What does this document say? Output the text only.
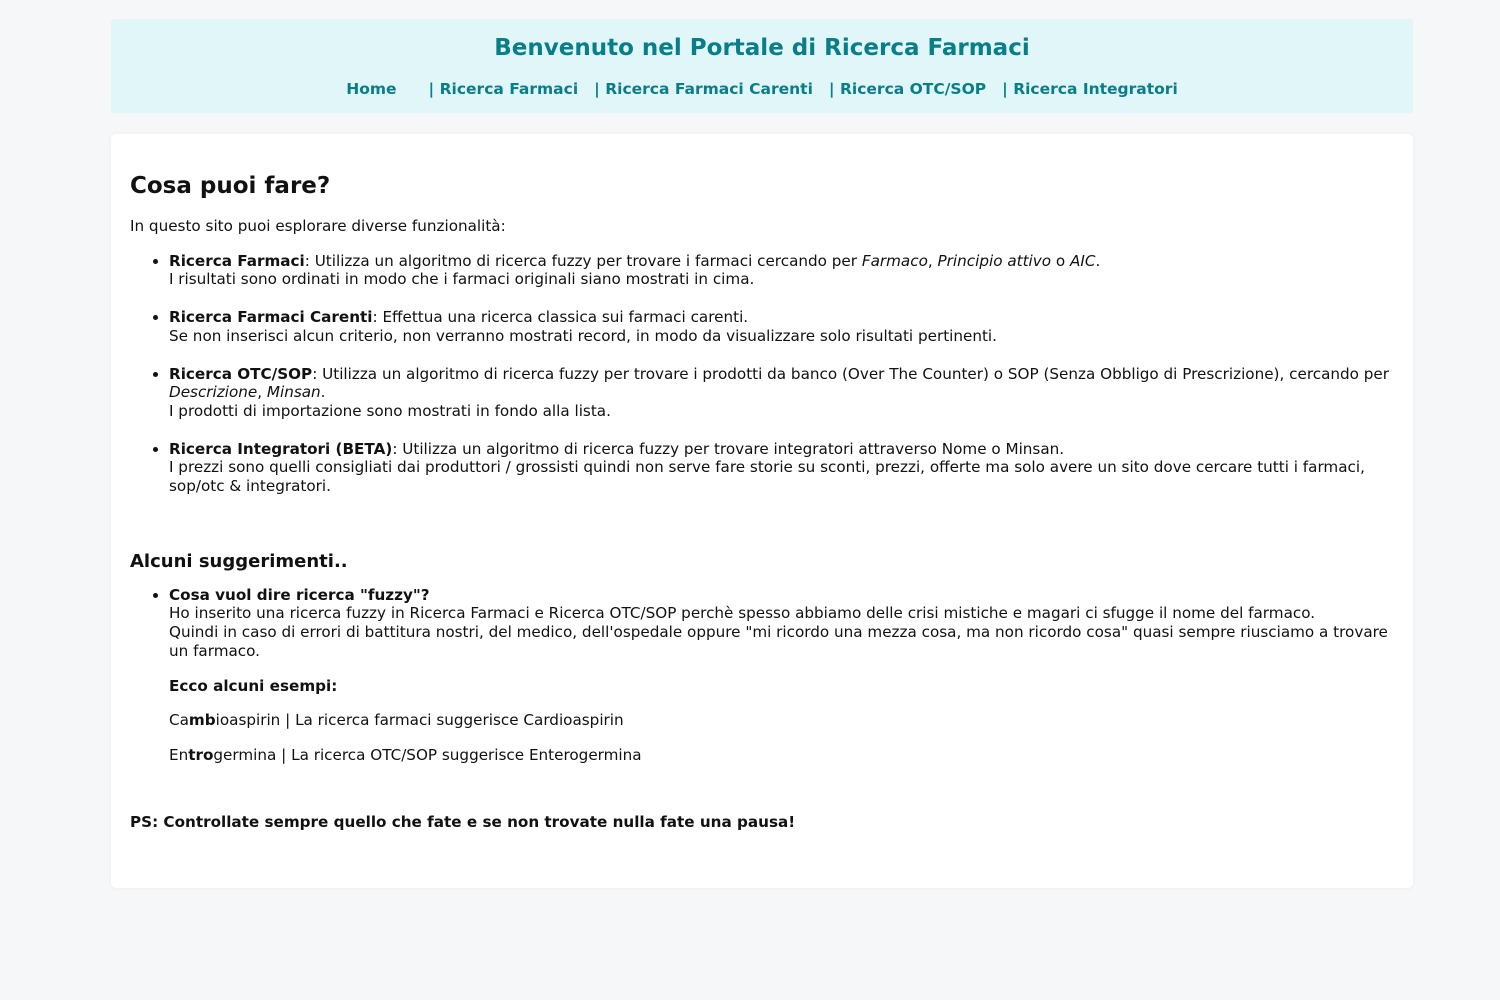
Benvenuto nel Portale di Ricerca Farmaci
Home | Ricerca Farmaci | Ricerca Farmaci Carenti | Ricerca OTC/SOP | Ricerca Integratori
Cosa puoi fare?

In questo sito puoi esplorare diverse funzionalità:

• Ricerca Farmaci: Utilizza un algoritmo di ricerca fuzzy per trovare i farmaci cercando per Farmaco, Principio attivo o AIC.
I risultati sono ordinati in modo che i farmaci originali siano mostrati in cima.
• Ricerca Farmaci Carenti: Effettua una ricerca classica sui farmaci carenti.
Se non inserisci alcun criterio, non verranno mostrati record, in modo da visualizzare solo risultati pertinenti.
• Ricerca OTC/SOP: Utilizza un algoritmo di ricerca fuzzy per trovare i prodotti da banco (Over The Counter) o SOP (Senza Obbligo di Prescrizione), cercando per Descrizione, Minsan.
I prodotti di importazione sono mostrati in fondo alla lista.
• Ricerca Integratori (BETA): Utilizza un algoritmo di ricerca fuzzy per trovare integratori attraverso Nome o Minsan.
I prezzi sono quelli consigliati dai produttori / grossisti quindi non serve fare storie su sconti, prezzi, offerte ma solo avere un sito dove cercare tutti i farmaci, sop/otc & integratori.
Alcuni suggerimenti..
• Cosa vuol dire ricerca "fuzzy"?
Ho inserito una ricerca fuzzy in Ricerca Farmaci e Ricerca OTC/SOP perchè spesso abbiamo delle crisi mistiche e magari ci sfugge il nome del farmaco.
Quindi in caso di errori di battitura nostri, del medico, dell'ospedale oppure "mi ricordo una mezza cosa, ma non ricordo cosa" quasi sempre riusciamo a trovare un farmaco.
Ecco alcuni esempi:
Cambioaspirin | La ricerca farmaci suggerisce Cardioaspirin
Entrogermina | La ricerca OTC/SOP suggerisce Enterogermina

PS: Controllate sempre quello che fate e se non trovate nulla fate una pausa!
